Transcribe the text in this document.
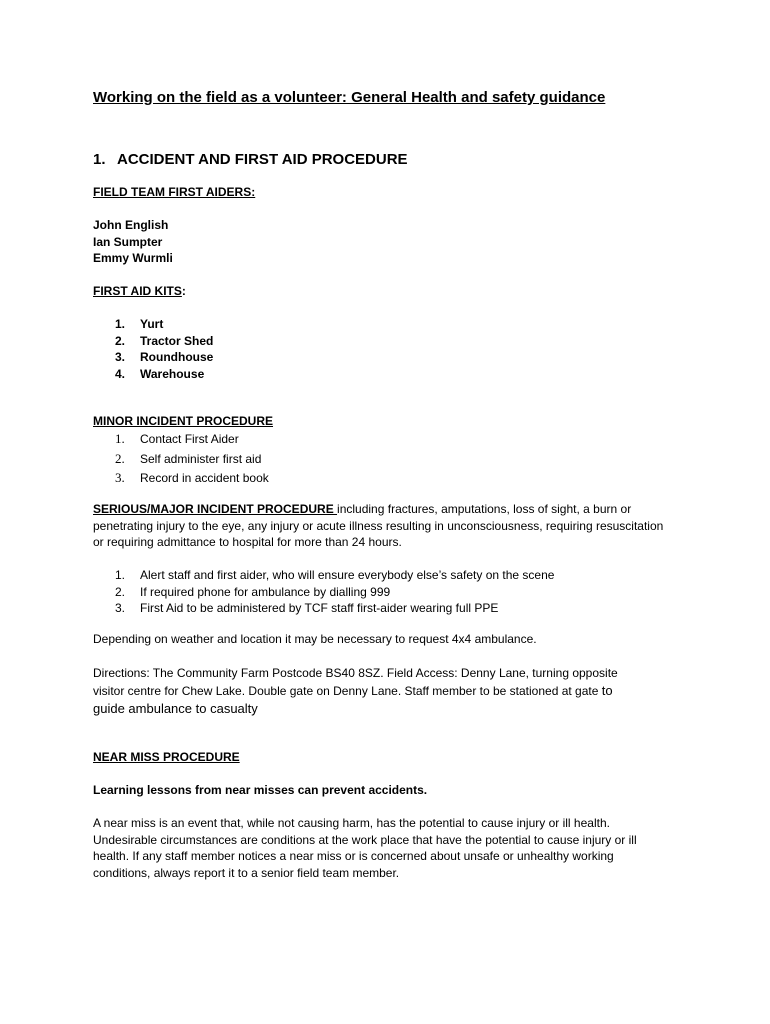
Working on the field as a volunteer: General Health and safety guidance
1. ACCIDENT AND FIRST AID PROCEDURE
FIELD TEAM FIRST AIDERS:
John English
Ian Sumpter
Emmy Wurmli
FIRST AID KITS:
1. Yurt
2. Tractor Shed
3. Roundhouse
4. Warehouse
MINOR INCIDENT PROCEDURE
1. Contact First Aider
2. Self administer first aid
3. Record in accident book
SERIOUS/MAJOR INCIDENT PROCEDURE including fractures, amputations, loss of sight, a burn or penetrating injury to the eye, any injury or acute illness resulting in unconsciousness, requiring resuscitation or requiring admittance to hospital for more than 24 hours.
1. Alert staff and first aider, who will ensure everybody else’s safety on the scene
2. If required phone for ambulance by dialling 999
3. First Aid to be administered by TCF staff first-aider wearing full PPE
Depending on weather and location it may be necessary to request 4x4 ambulance.
Directions: The Community Farm Postcode BS40 8SZ. Field Access: Denny Lane, turning opposite
visitor centre for Chew Lake. Double gate on Denny Lane. Staff member to be stationed at gate to
guide ambulance to casualty
NEAR MISS PROCEDURE
Learning lessons from near misses can prevent accidents.
A near miss is an event that, while not causing harm, has the potential to cause injury or ill health. Undesirable circumstances are conditions at the work place that have the potential to cause injury or ill health. If any staff member notices a near miss or is concerned about unsafe or unhealthy working conditions, always report it to a senior field team member.
